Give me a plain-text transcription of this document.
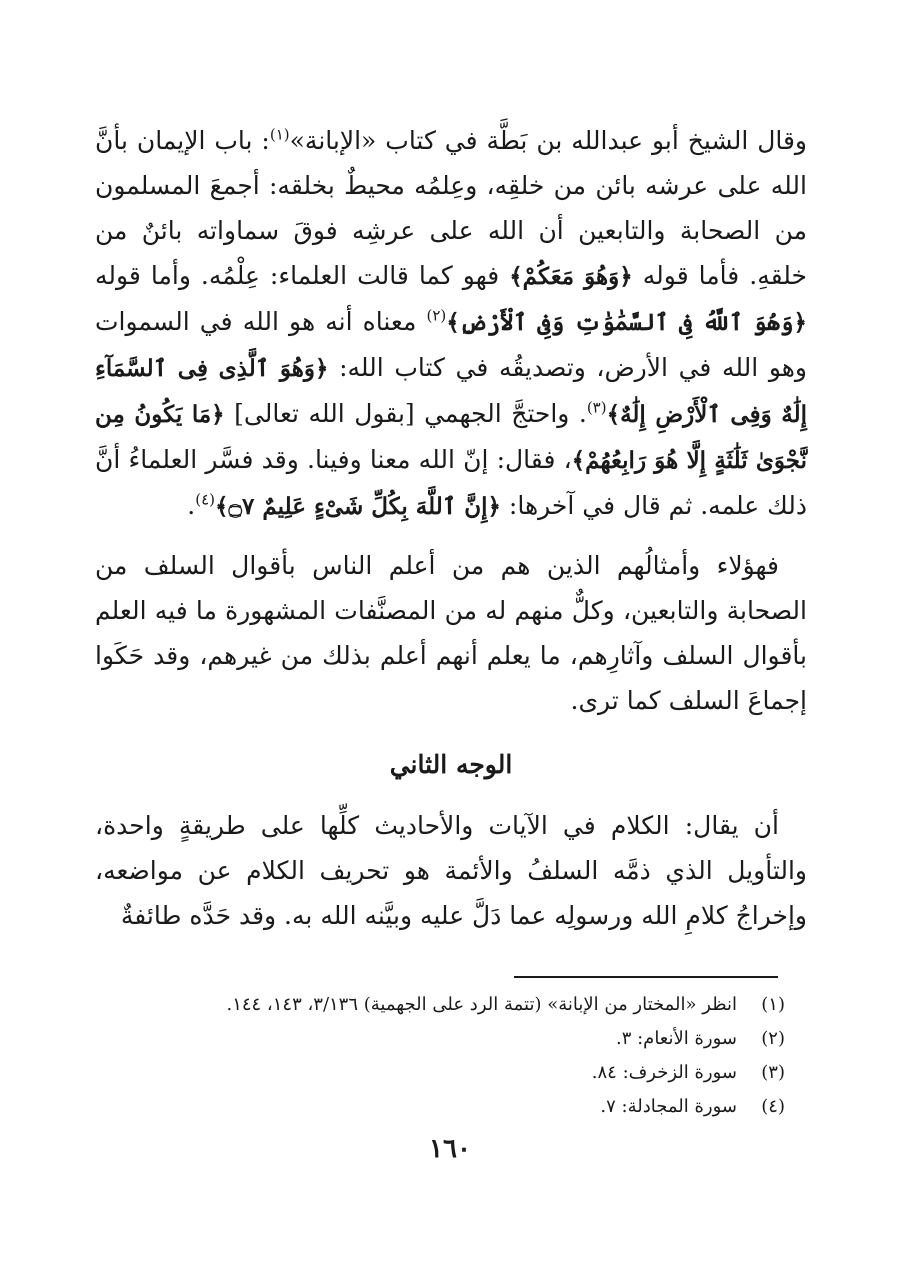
وقال الشيخ أبو عبدالله بن بَطَّة في كتاب «الإبانة»$^{(١)}$: باب الإيمان بأنَّ الله على عرشه بائن من خلقِه، وعِلمُه محيطٌ بخلقه: أجمعَ المسلمون من الصحابة والتابعين أن الله على عرشِه فوقَ سماواته بائنٌ من خلقهِ. فأما قوله ﴿وَهُوَ مَعَكُمْ﴾ فهو كما قالت العلماء: عِلْمُه. وأما قوله ﴿وَهُوَ ٱللَّهُ فِى ٱلسَّمَٰوَٰتِ وَفِى ٱلْأَرْضِ﴾$^{(٢)}$ معناه أنه هو الله في السموات وهو الله في الأرض، وتصديقُه في كتاب الله: ﴿وَهُوَ ٱلَّذِى فِى ٱلسَّمَآءِ إِلَٰهٌ وَفِى ٱلْأَرْضِ إِلَٰهٌ﴾$^{(٣)}$. واحتجَّ الجهمي [بقول الله تعالى] ﴿مَا يَكُونُ مِن نَّجْوَىٰ ثَلَٰثَةٍ إِلَّا هُوَ رَابِعُهُمْ﴾، فقال: إنّ الله معنا وفينا. وقد فسَّر العلماءُ أنَّ ذلك علمه. ثم قال في آخرها: ﴿إِنَّ ٱللَّهَ بِكُلِّ شَىْءٍ عَلِيمٌ ۝٧﴾$^{(٤)}$.

فهؤلاء وأمثالُهم الذين هم من أعلم الناس بأقوال السلف من الصحابة والتابعين، وكلٌّ منهم له من المصنَّفات المشهورة ما فيه العلم بأقوال السلف وآثارِهم، ما يعلم أنهم أعلم بذلك من غيرهم، وقد حَكَوا إجماعَ السلف كما ترى.

الوجه الثاني

أن يقال: الكلام في الآيات والأحاديث كلِّها على طريقةٍ واحدة، والتأويل الذي ذمَّه السلفُ والأئمة هو تحريف الكلام عن مواضعه، وإخراجُ كلامِ الله ورسولِه عما دَلَّ عليه وبيَّنه الله به. وقد حَدَّه طائفةٌ

(١)
انظر «المختار من الإبانة» (تتمة الرد على الجهمية) ٣/١٣٦، ١٤٣، ١٤٤.
(٢)
سورة الأنعام: ٣.
(٣)
سورة الزخرف: ٨٤.
(٤)
سورة المجادلة: ٧.
١٦٠
